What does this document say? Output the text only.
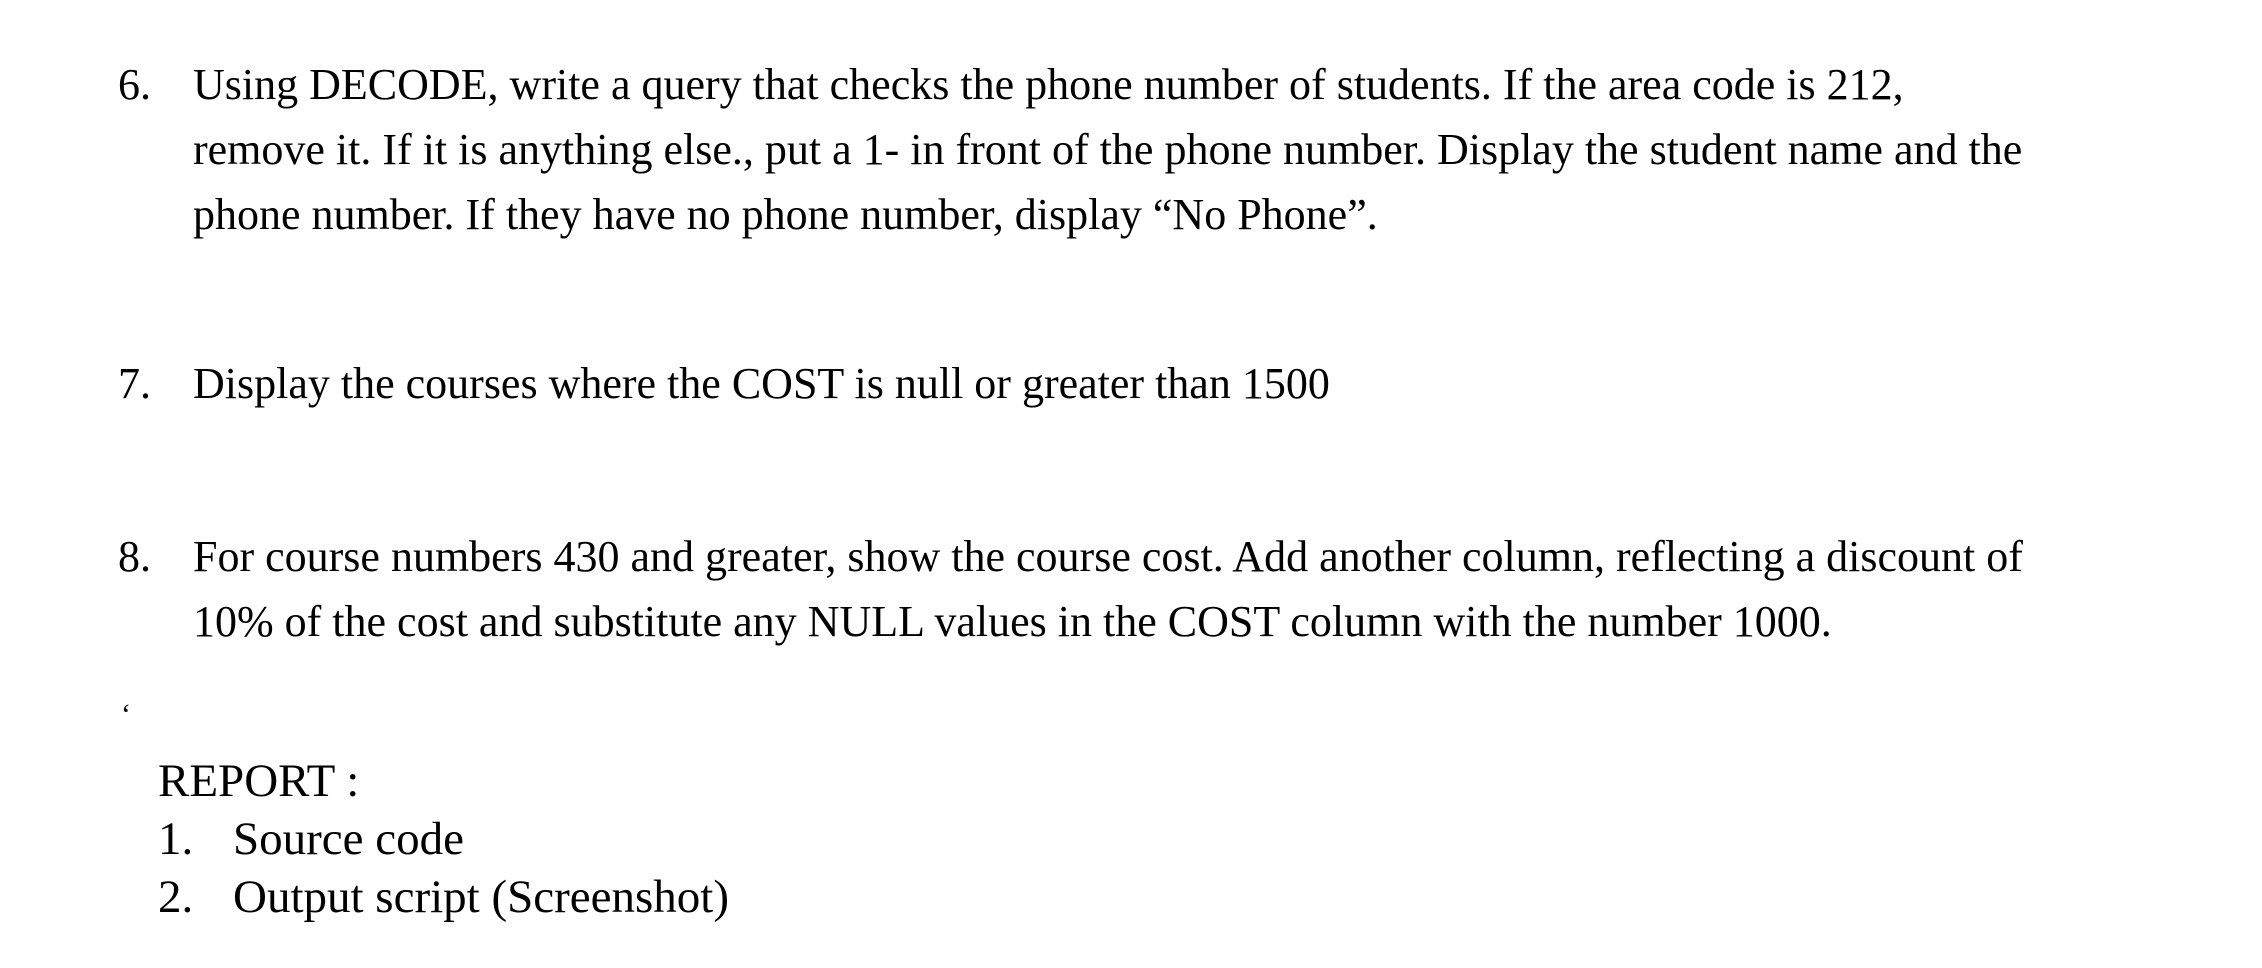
6. Using DECODE, write a query that checks the phone number of students. If the area code is 212,
remove it. If it is anything else., put a 1- in front of the phone number. Display the student name and the
phone number. If they have no phone number, display “No Phone”.
7. Display the courses where the COST is null or greater than 1500
8. For course numbers 430 and greater, show the course cost. Add another column, reflecting a discount of
10% of the cost and substitute any NULL values in the COST column with the number 1000.
‘
REPORT :
1. Source code
2. Output script (Screenshot)
